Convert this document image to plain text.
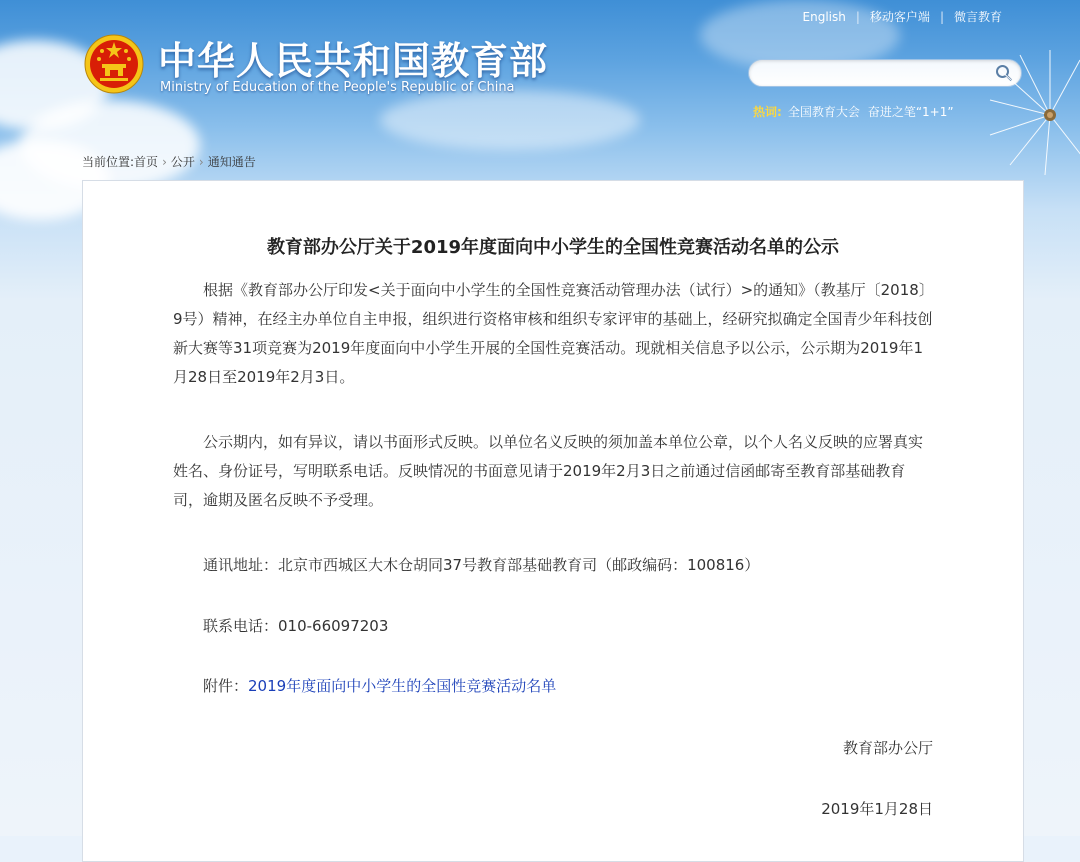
中华人民共和国教育部
Ministry of Education of the People's Republic of China
English | 移动客户端 | 微言教育
热词: 全国教育大会 奋进之笔“1+1”
当前位置:首页 › 公开 › 通知通告
教育部办公厅关于2019年度面向中小学生的全国性竞赛活动名单的公示
根据《教育部办公厅印发<关于面向中小学生的全国性竞赛活动管理办法（试行）>的通知》（教基厅〔2018〕9号）精神，在经主办单位自主申报，组织进行资格审核和组织专家评审的基础上，经研究拟确定全国青少年科技创新大赛等31项竞赛为2019年度面向中小学生开展的全国性竞赛活动。现就相关信息予以公示，公示期为2019年1月28日至2019年2月3日。
公示期内，如有异议，请以书面形式反映。以单位名义反映的须加盖本单位公章，以个人名义反映的应署真实姓名、身份证号，写明联系电话。反映情况的书面意见请于2019年2月3日之前通过信函邮寄至教育部基础教育司，逾期及匿名反映不予受理。
通讯地址：北京市西城区大木仓胡同37号教育部基础教育司（邮政编码：100816）
联系电话：010-66097203
附件：2019年度面向中小学生的全国性竞赛活动名单
教育部办公厅
2019年1月28日
